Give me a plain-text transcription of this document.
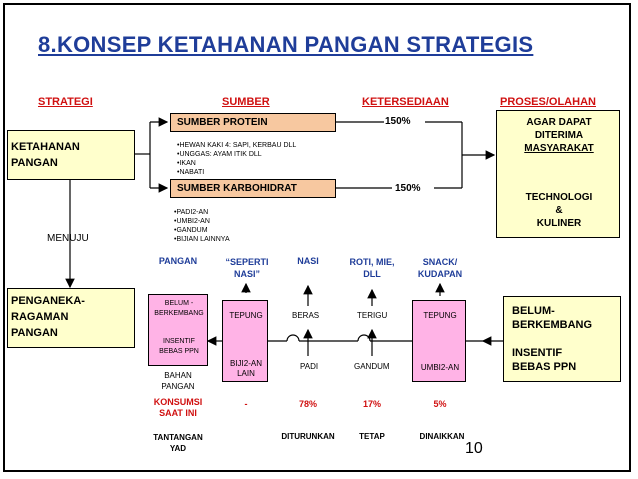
8.KONSEP KETAHANAN PANGAN STRATEGIS
STRATEGI	SUMBER	KETERSEDIAAN	PROSES/OLAHAN
KETAHANAN
PANGAN
MENUJU
PENGANEKA-
RAGAMAN
PANGAN
SUMBER PROTEIN	150%
•HEWAN KAKI 4: SAPI, KERBAU DLL
•UNGGAS: AYAM ITIK DLL
•IKAN
•NABATI
SUMBER KARBOHIDRAT	150%
•PADI2-AN
•UMBI2-AN
•GANDUM
•BIJIAN LAINNYA
AGAR DAPAT
DITERIMA
MASYARAKAT
TECHNOLOGI
&
KULINER
PANGAN	“SEPERTI
NASI”
NASI	ROTI, MIE,
DLL
SNACK/
KUDAPAN
BELUM -
BERKEMBANG
INSENTIF
BEBAS PPN
TEPUNG
BIJI2-AN
LAIN
TEPUNG
UMBI2-AN
BERAS	TERIGU
PADI	GANDUM
BAHAN
PANGAN
KONSUMSI
SAAT INI
-	78%	17%	5%
TANTANGAN
YAD
DITURUNKAN	TETAP	DINAIKKAN
BELUM-
BERKEMBANG
INSENTIF
BEBAS PPN
10
